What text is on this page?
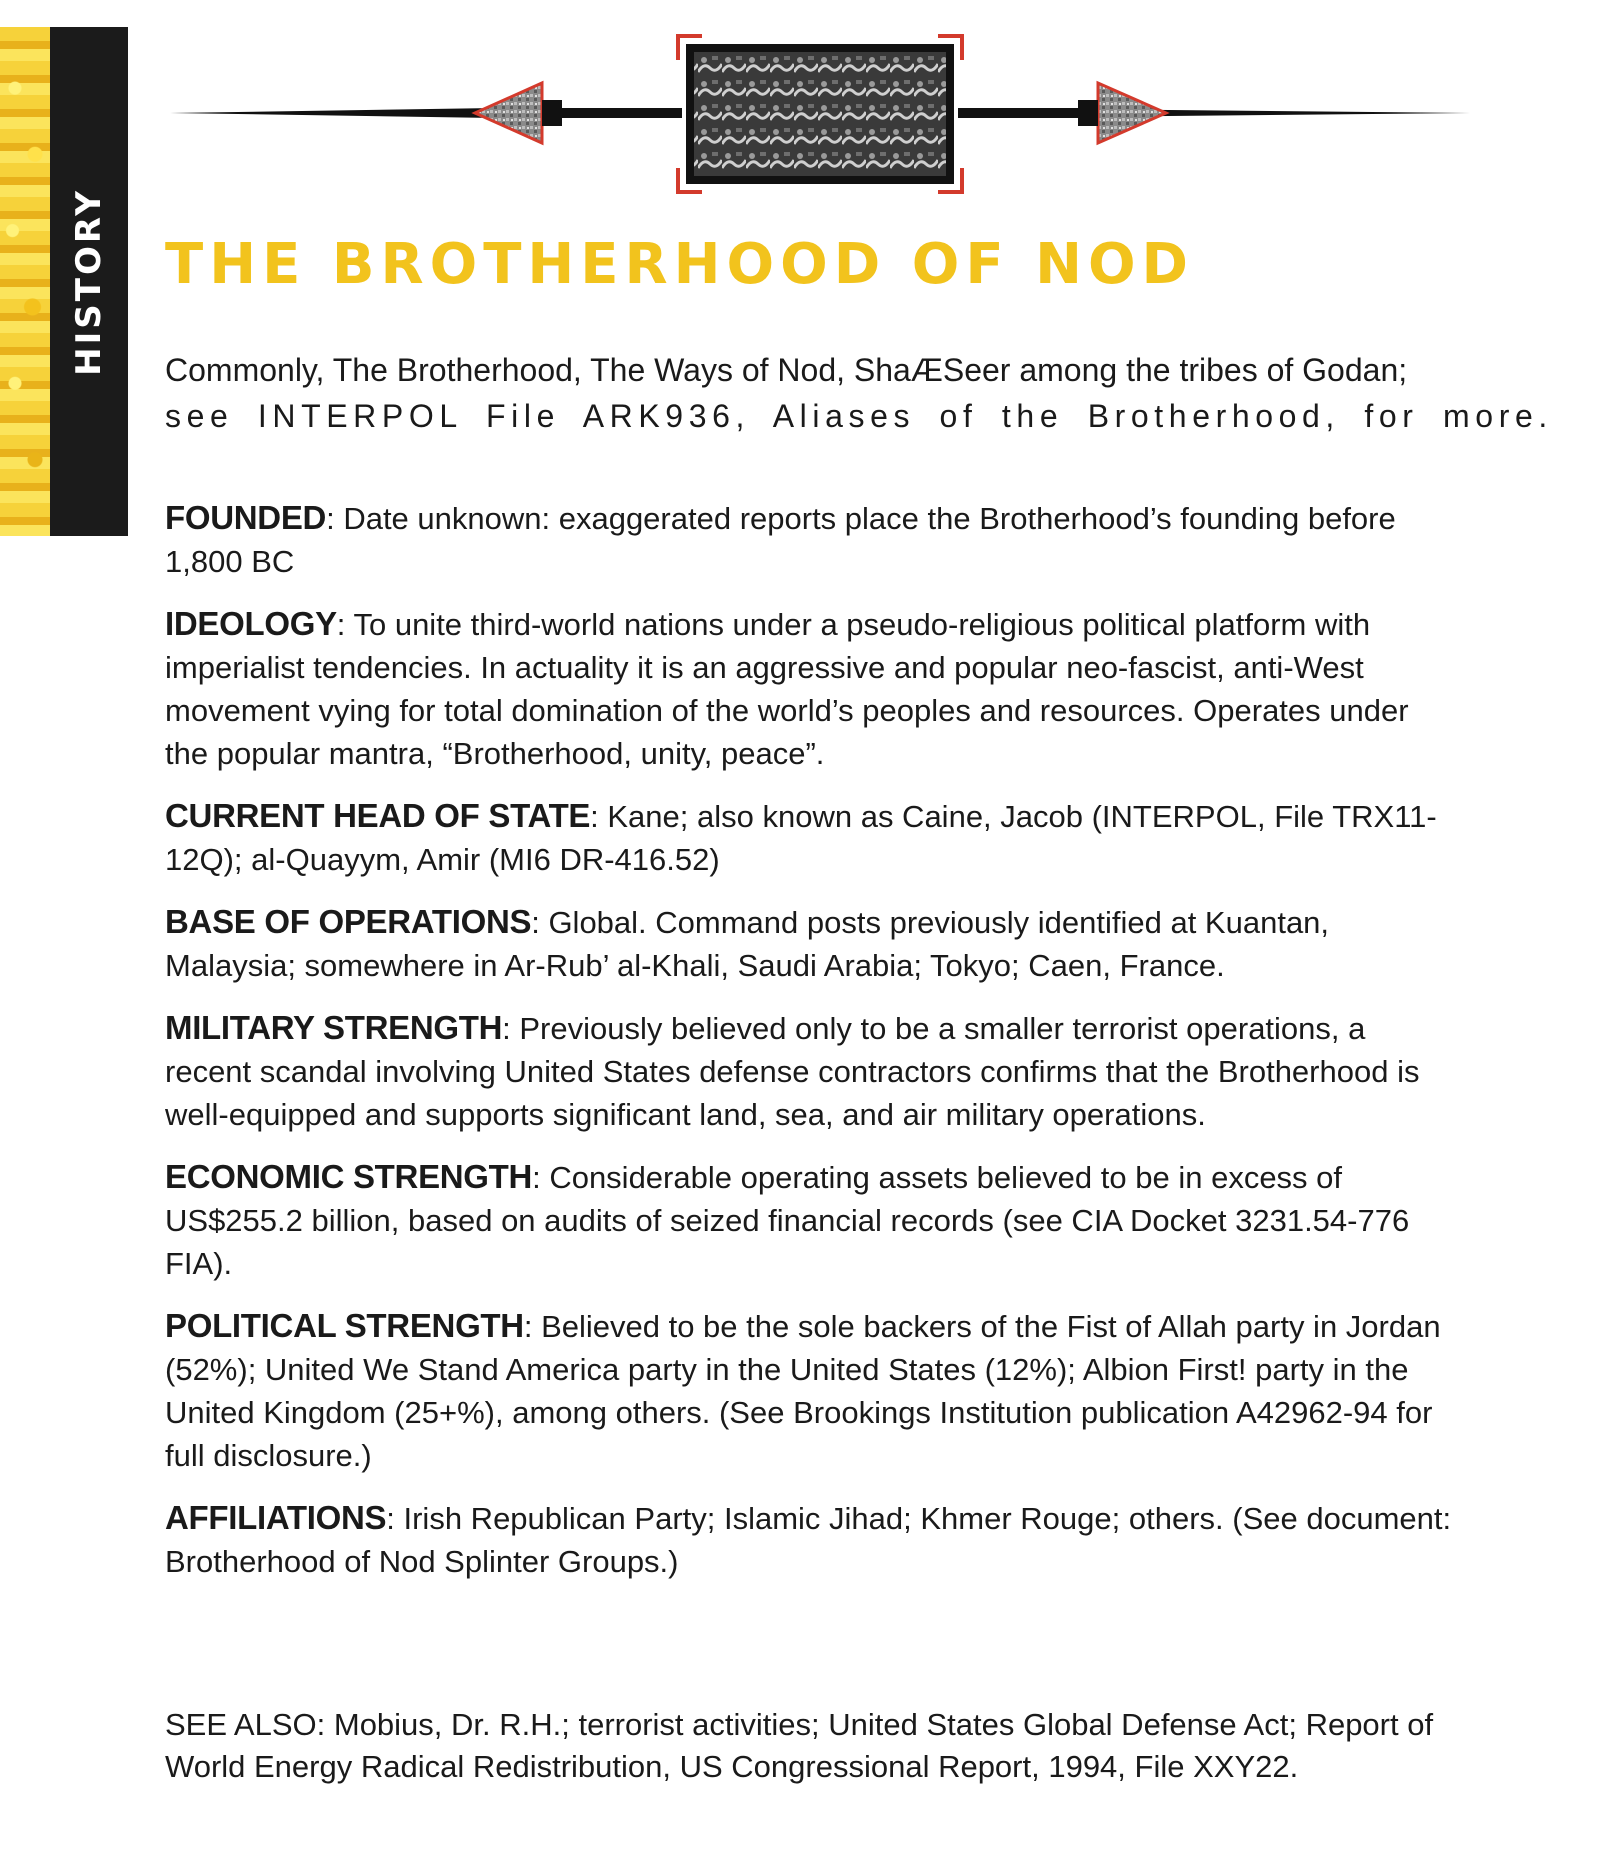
HISTORY THE BROTHERHOOD OF NOD
Commonly, The Brotherhood, The Ways of Nod, ShaÆSeer among the tribes of Godan;
see INTERPOL File ARK936, Aliases of the Brotherhood, for more.

FOUNDED: Date unknown: exaggerated reports place the Brotherhood’s founding before 1,800 BC

IDEOLOGY: To unite third-world nations under a pseudo-religious political platform with imperialist tendencies. In actuality it is an aggressive and popular neo-fascist, anti-West movement vying for total domination of the world’s peoples and resources. Operates under the popular mantra, “Brotherhood, unity, peace”.

CURRENT HEAD OF STATE: Kane; also known as Caine, Jacob (INTERPOL, File TRX11-12Q); al-Quayym, Amir (MI6 DR-416.52)

BASE OF OPERATIONS: Global. Command posts previously identified at Kuantan, Malaysia; somewhere in Ar-Rub’ al-Khali, Saudi Arabia; Tokyo; Caen, France.

MILITARY STRENGTH: Previously believed only to be a smaller terrorist operations, a recent scandal involving United States defense contractors confirms that the Brotherhood is well-equipped and supports significant land, sea, and air military operations.

ECONOMIC STRENGTH: Considerable operating assets believed to be in excess of US$255.2 billion, based on audits of seized financial records (see CIA Docket 3231.54-776 FIA).

POLITICAL STRENGTH: Believed to be the sole backers of the Fist of Allah party in Jordan (52%); United We Stand America party in the United States (12%); Albion First! party in the United Kingdom (25+%), among others. (See Brookings Institution publication A42962-94 for full disclosure.)

AFFILIATIONS: Irish Republican Party; Islamic Jihad; Khmer Rouge; others. (See document: Brotherhood of Nod Splinter Groups.)

SEE ALSO: Mobius, Dr. R.H.; terrorist activities; United States Global Defense Act; Report of World Energy Radical Redistribution, US Congressional Report, 1994, File XXY22.
